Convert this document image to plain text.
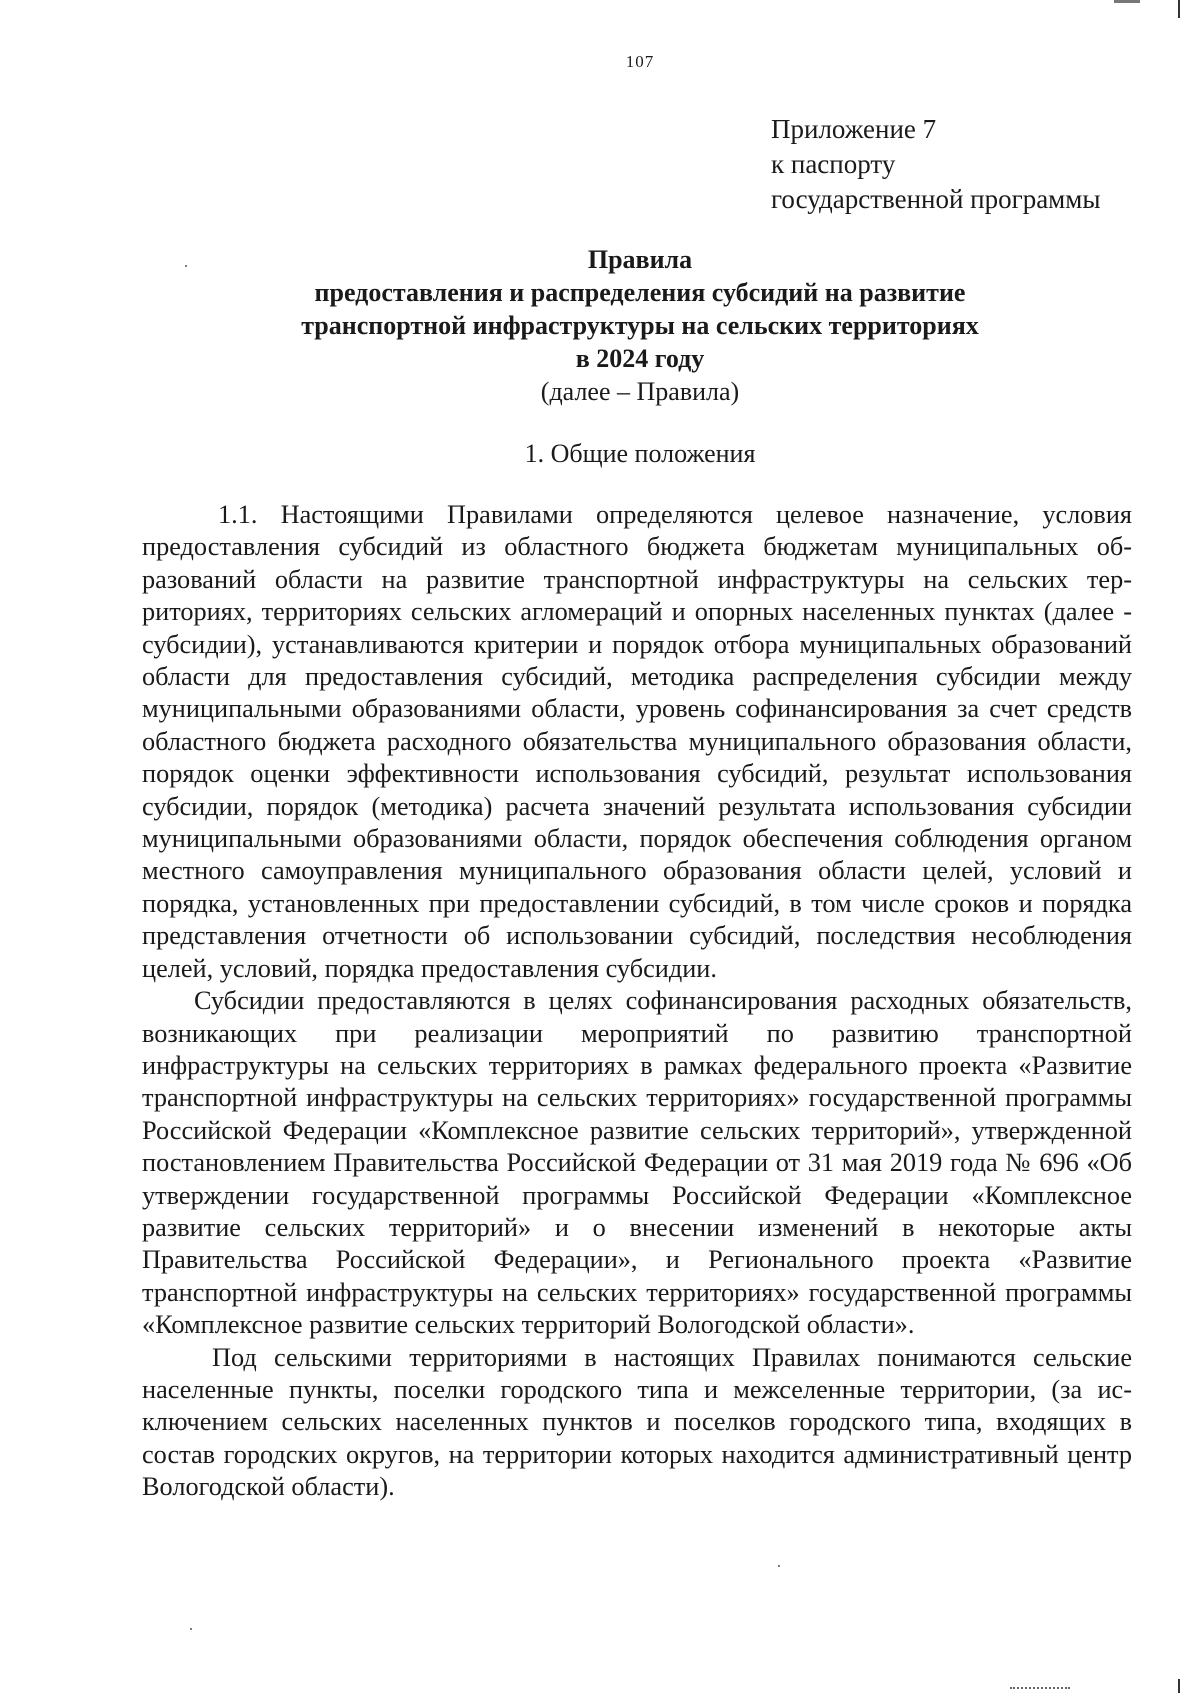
107
Приложение 7
к паспорту
государственной программы
Правила
предоставления и распределения субсидий на развитие
транспортной инфраструктуры на сельских территориях
в 2024 году
(далее – Правила)
1. Общие положения

1.1. Настоящими Правилами определяются целевое назначение, условия предоставления субсидий из областного бюджета бюджетам муниципальных образований области на развитие транспортной инфраструктуры на сельских территориях, территориях сельских агломераций и опорных населенных пунктах (далее - субсидии), устанавливаются критерии и порядок отбора муниципальных образований области для предоставления субсидий, методика распределения субсидии между муниципальными образованиями области, уровень софинансирования за счет средств областного бюджета расходного обязательства муниципального образования области, порядок оценки эффективности использования субсидий, результат использования субсидии, порядок (методика) расчета значений результата использования субсидии муниципальными образованиями области, порядок обеспечения соблюдения органом местного самоуправления муниципального образования области целей, условий и порядка, установленных при предоставлении субсидий, в том числе сроков и порядка представления отчетности об использовании субсидий, последствия несоблюдения целей, условий, порядка предоставления субсидии.

Субсидии предоставляются в целях софинансирования расходных обязательств, возникающих при реализации мероприятий по развитию транспортной инфраструктуры на сельских территориях в рамках федерального проекта «Развитие транспортной инфраструктуры на сельских территориях» государственной программы Российской Федерации «Комплексное развитие сельских территорий», утвержденной постановлением Правительства Российской Федерации от 31 мая 2019 года № 696 «Об утверждении государственной программы Российской Федерации «Комплексное развитие сельских территорий» и о внесении изменений в некоторые акты Правительства Российской Федерации», и Регионального проекта «Развитие транспортной инфраструктуры на сельских территориях» государственной программы «Комплексное развитие сельских территорий Вологодской области».

Под сельскими территориями в настоящих Правилах понимаются сельские населенные пункты, поселки городского типа и межселенные территории, (за исключением сельских населенных пунктов и поселков городского типа, входящих в состав городских округов, на территории которых находится административный центр Вологодской области).
